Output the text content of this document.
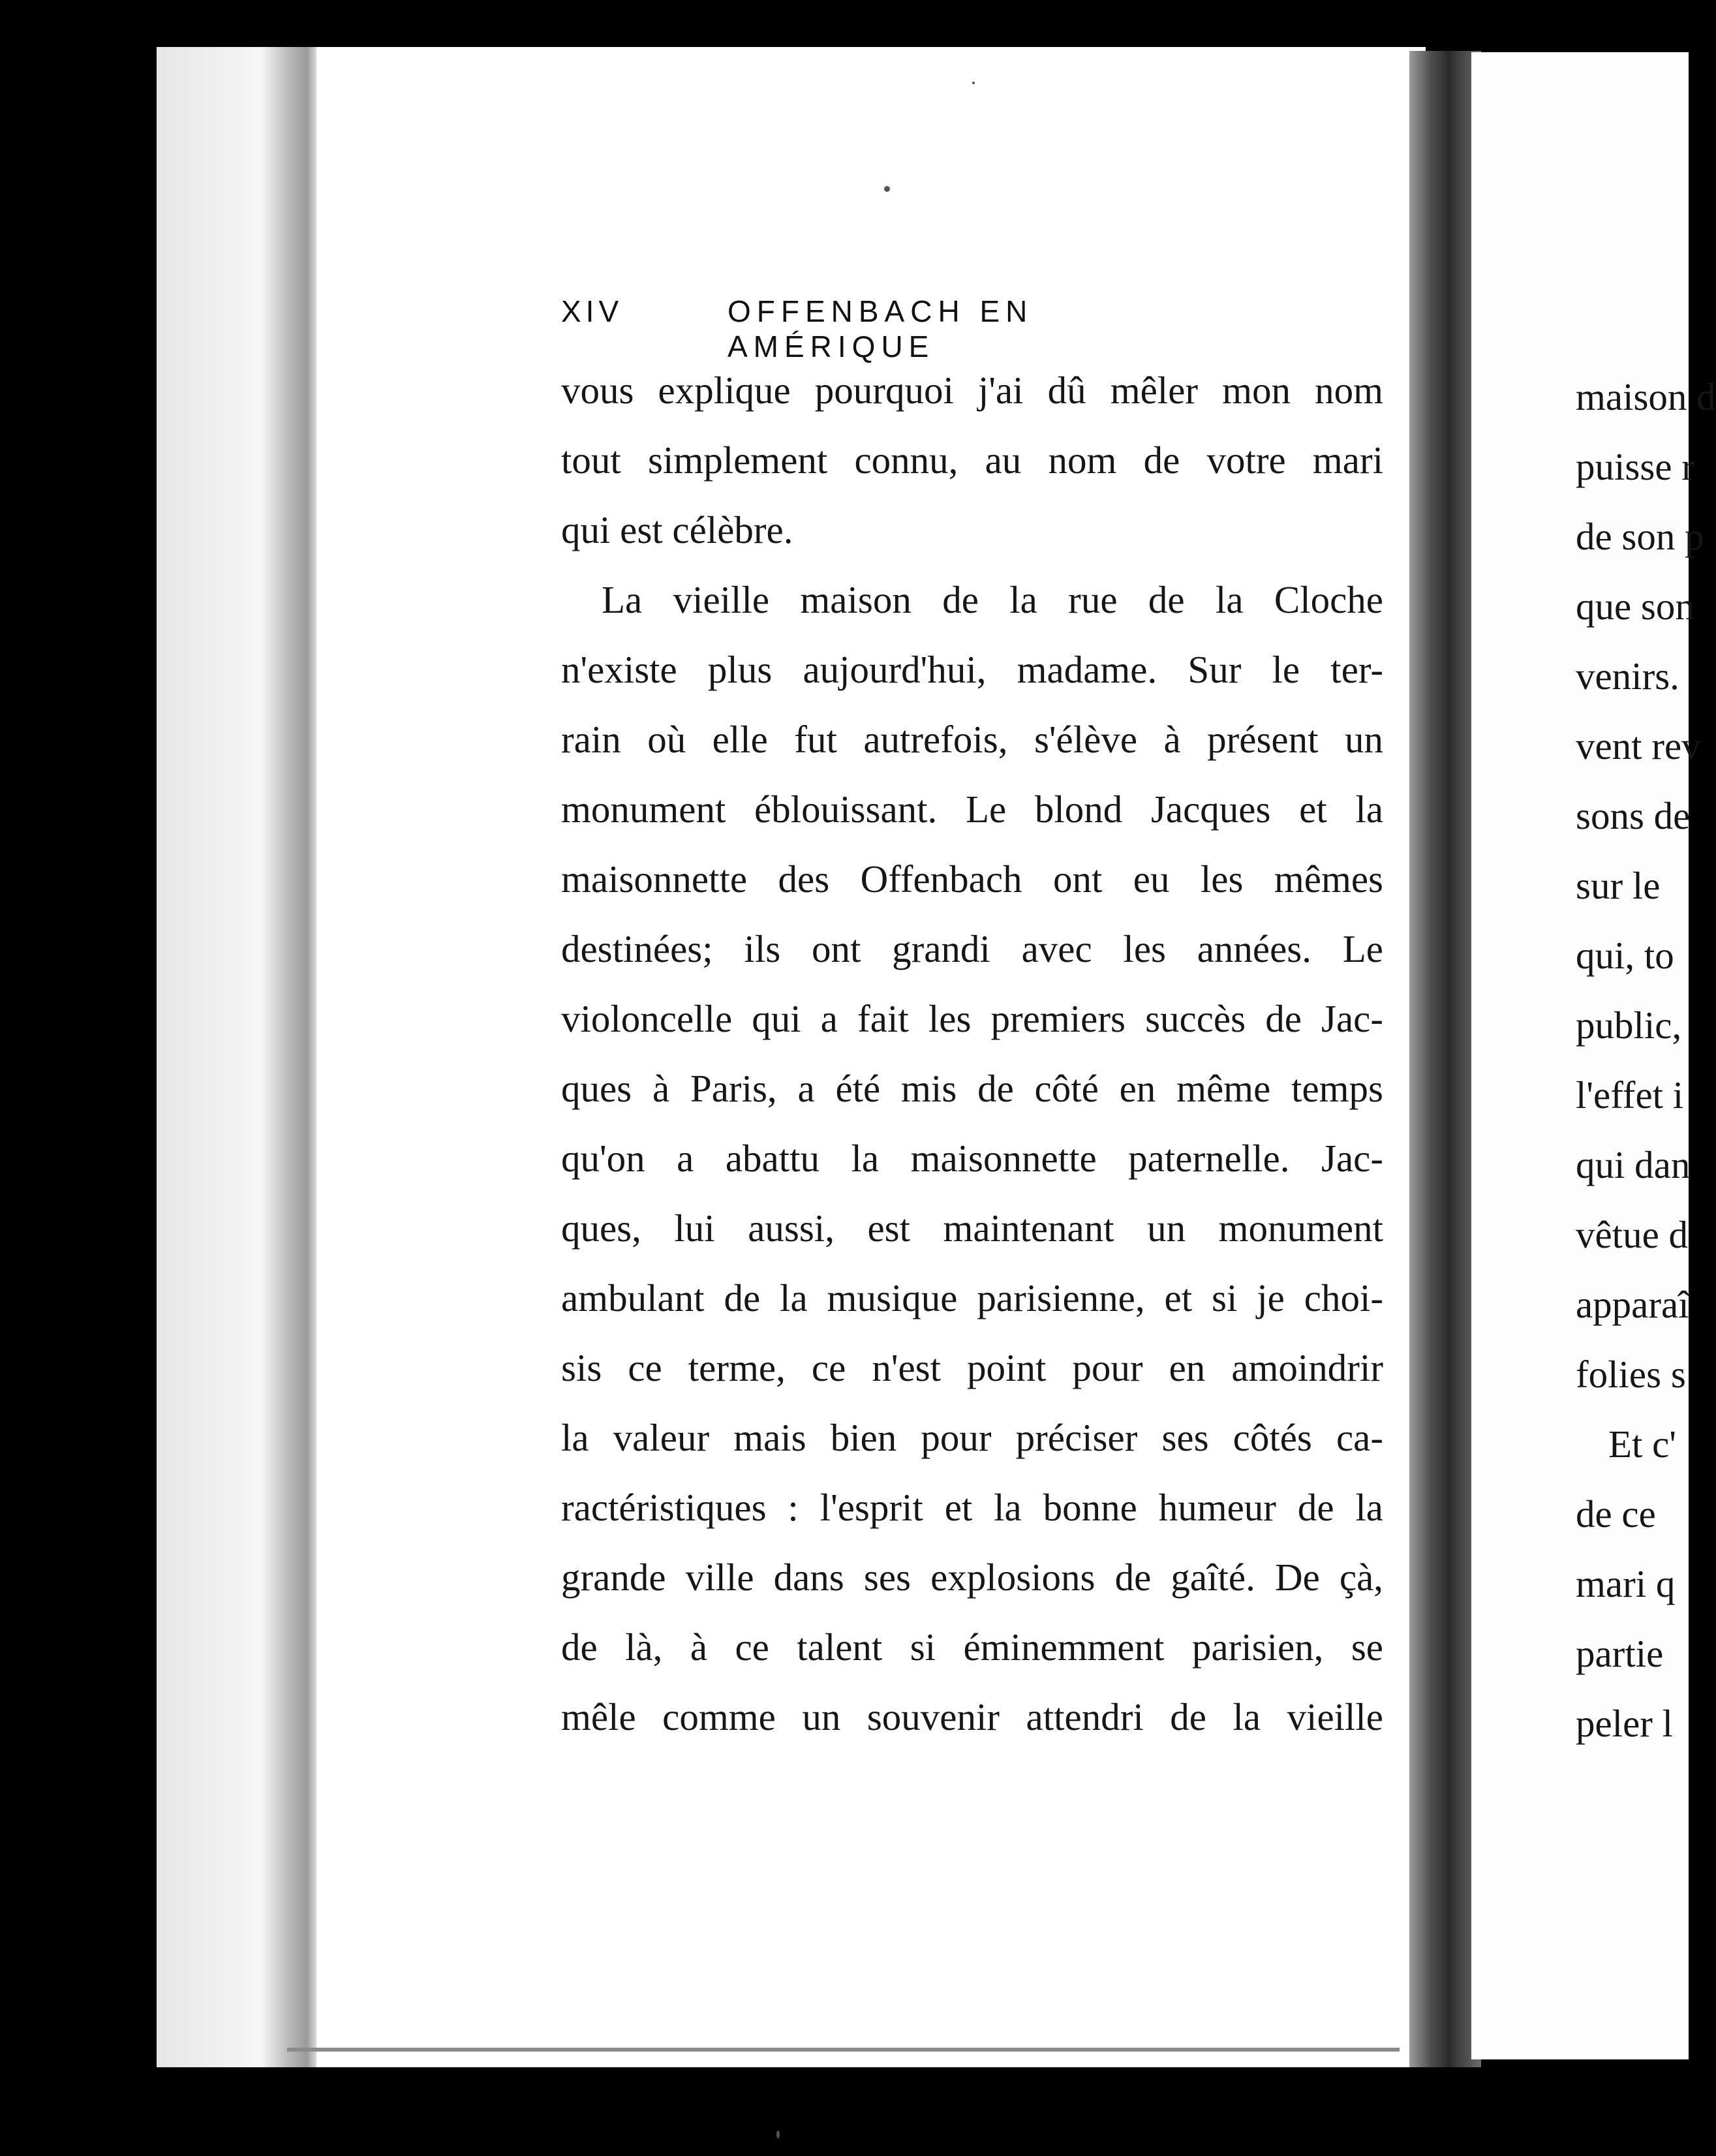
XIV	OFFENBACH EN AMÉRIQUE
vous explique pourquoi j'ai dû mêler mon nom
tout simplement connu, au nom de votre mari
qui est célèbre.
La vieille maison de la rue de la Cloche
n'existe plus aujourd'hui, madame. Sur le ter-
rain où elle fut autrefois, s'élève à présent un
monument éblouissant. Le blond Jacques et la
maisonnette des Offenbach ont eu les mêmes
destinées; ils ont grandi avec les années. Le
violoncelle qui a fait les premiers succès de Jac-
ques à Paris, a été mis de côté en même temps
qu'on a abattu la maisonnette paternelle. Jac-
ques, lui aussi, est maintenant un monument
ambulant de la musique parisienne, et si je choi-
sis ce terme, ce n'est point pour en amoindrir
la valeur mais bien pour préciser ses côtés ca-
ractéristiques : l'esprit et la bonne humeur de la
grande ville dans ses explosions de gaîté. De çà,
de là, à ce talent si éminemment parisien, se
mêle comme un souvenir attendri de la vieille
maison d
puisse r
de son p
que son
venirs.
vent rev
sons de
sur le
qui, to
public,
l'effet i
qui dan
vêtue d
apparaî
folies s
Et c'
de ce
mari q
partie
peler l
